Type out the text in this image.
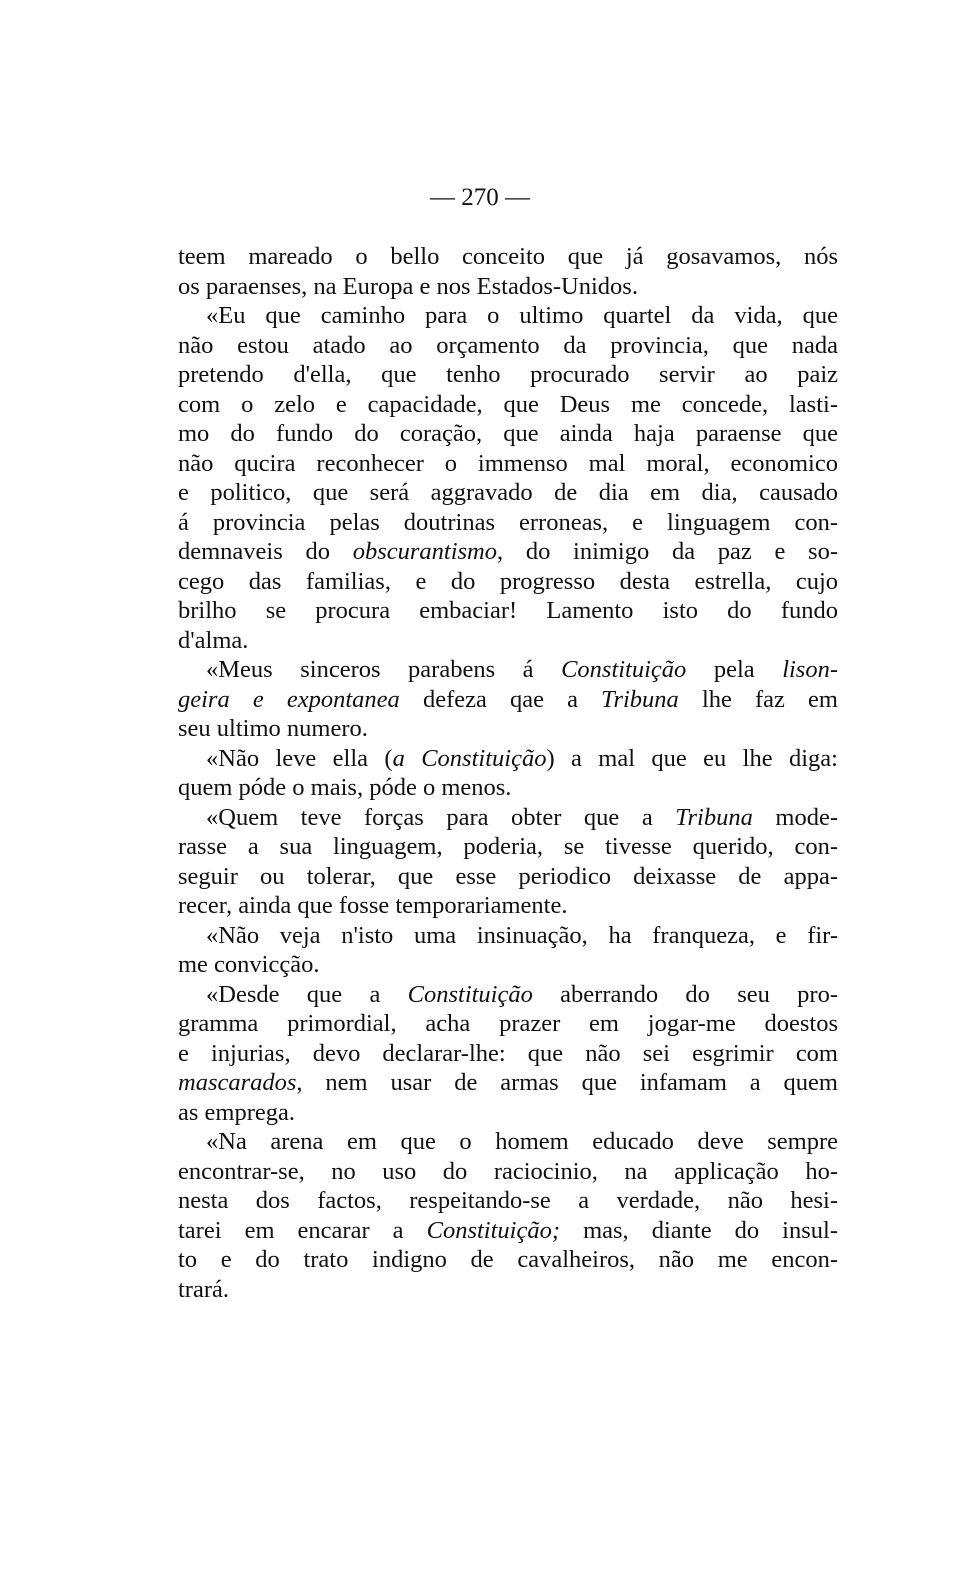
— 270 —
teem mareado o bello conceito que já gosavamos, nós
os paraenses, na Europa e nos Estados-Unidos.
«Eu que caminho para o ultimo quartel da vida, que
não estou atado ao orçamento da provincia, que nada
pretendo d'ella, que tenho procurado servir ao paiz
com o zelo e capacidade, que Deus me concede, lasti-
mo do fundo do coração, que ainda haja paraense que
não qucira reconhecer o immenso mal moral, economico
e politico, que será aggravado de dia em dia, causado
á provincia pelas doutrinas erroneas, e linguagem con-
demnaveis do obscurantismo, do inimigo da paz e so-
cego das familias, e do progresso desta estrella, cujo
brilho se procura embaciar! Lamento isto do fundo
d'alma.
«Meus sinceros parabens á Constituição pela lison-
geira e expontanea defeza qae a Tribuna lhe faz em
seu ultimo numero.
«Não leve ella (a Constituição) a mal que eu lhe diga:
quem póde o mais, póde o menos.
«Quem teve forças para obter que a Tribuna mode-
rasse a sua linguagem, poderia, se tivesse querido, con-
seguir ou tolerar, que esse periodico deixasse de appa-
recer, ainda que fosse temporariamente.
«Não veja n'isto uma insinuação, ha franqueza, e fir-
me convicção.
«Desde que a Constituição aberrando do seu pro-
gramma primordial, acha prazer em jogar-me doestos
e injurias, devo declarar-lhe: que não sei esgrimir com
mascarados, nem usar de armas que infamam a quem
as emprega.
«Na arena em que o homem educado deve sempre
encontrar-se, no uso do raciocinio, na applicação ho-
nesta dos factos, respeitando-se a verdade, não hesi-
tarei em encarar a Constituição; mas, diante do insul-
to e do trato indigno de cavalheiros, não me encon-
trará.
